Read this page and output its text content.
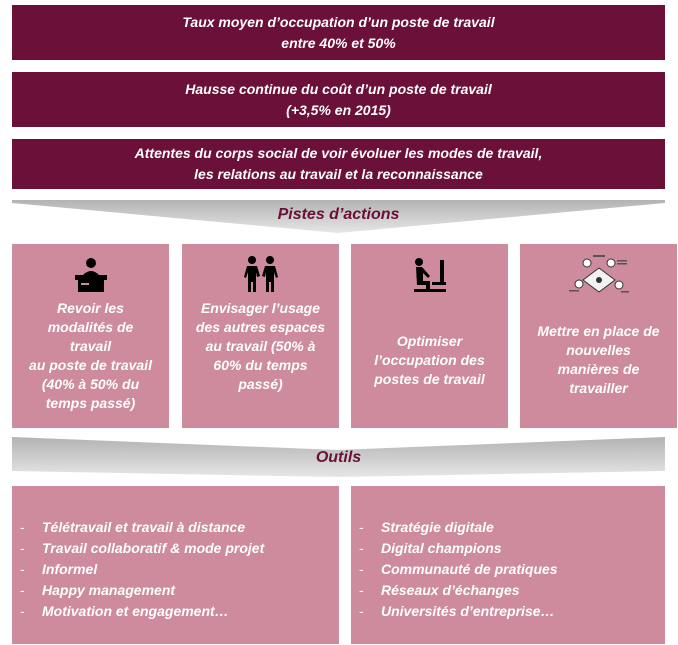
Taux moyen d’occupation d’un poste de travail
entre 40% et 50%
Hausse continue du coût d’un poste de travail
(+3,5% en 2015)
Attentes du corps social de voir évoluer les modes de travail,
les relations au travail et la reconnaissance
Pistes d’actions
Revoir les
modalités de
travail
au poste de travail
(40% à 50% du
temps passé)
Envisager l’usage
des autres espaces
au travail (50% à
60% du temps
passé)
Optimiser
l’occupation des
postes de travail
Mettre en place de
nouvelles
manières de
travailler
Outils
-	Télétravail et travail à distance
-	Travail collaboratif & mode projet
-	Informel
-	Happy management
-	Motivation et engagement…
-	Stratégie digitale
-	Digital champions
-	Communauté de pratiques
-	Réseaux d’échanges
-	Universités d’entreprise…
